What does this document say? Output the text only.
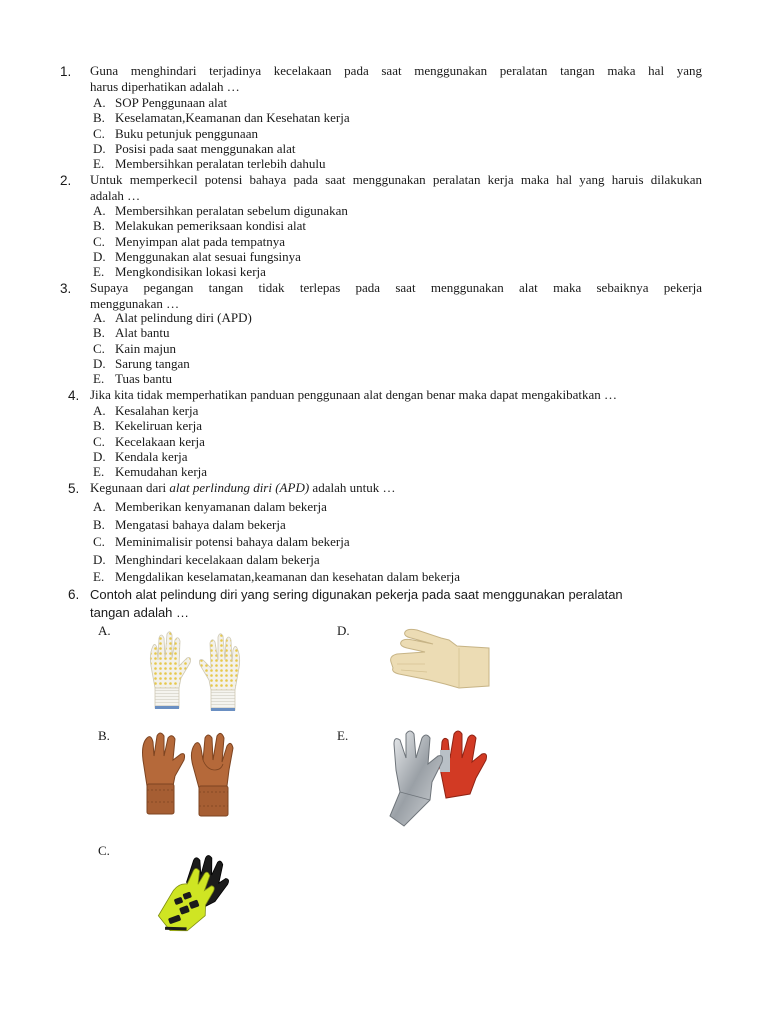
1. Guna menghindari terjadinya kecelakaan pada saat menggunakan peralatan tangan maka hal yang
harus diperhatikan adalah …
A. SOP Penggunaan alat
B. Keselamatan,Keamanan dan Kesehatan kerja
C. Buku petunjuk penggunaan
D. Posisi pada saat menggunakan alat
E. Membersihkan peralatan terlebih dahulu
2. Untuk memperkecil potensi bahaya pada saat menggunakan peralatan kerja maka hal yang haruis dilakukan
adalah …
A. Membersihkan peralatan sebelum digunakan
B. Melakukan pemeriksaan kondisi alat
C. Menyimpan alat pada tempatnya
D. Menggunakan alat sesuai fungsinya
E. Mengkondisikan lokasi kerja
3. Supaya pegangan tangan tidak terlepas pada saat menggunakan alat maka sebaiknya pekerja
menggunakan …
A. Alat pelindung diri (APD)
B. Alat bantu
C. Kain majun
D. Sarung tangan
E. Tuas bantu
4. Jika kita tidak memperhatikan panduan penggunaan alat dengan benar maka dapat mengakibatkan …
A. Kesalahan kerja
B. Kekeliruan kerja
C. Kecelakaan kerja
D. Kendala kerja
E. Kemudahan kerja
5. Kegunaan dari alat perlindung diri (APD) adalah untuk …
A. Memberikan kenyamanan dalam bekerja
B. Mengatasi bahaya dalam bekerja
C. Meminimalisir potensi bahaya dalam bekerja
D. Menghindari kecelakaan dalam bekerja
E. Mengdalikan keselamatan,keamanan dan kesehatan dalam bekerja
6. Contoh alat pelindung diri yang sering digunakan pekerja pada saat menggunakan peralatan
tangan adalah …
A.
B.
C.
D.
E.
